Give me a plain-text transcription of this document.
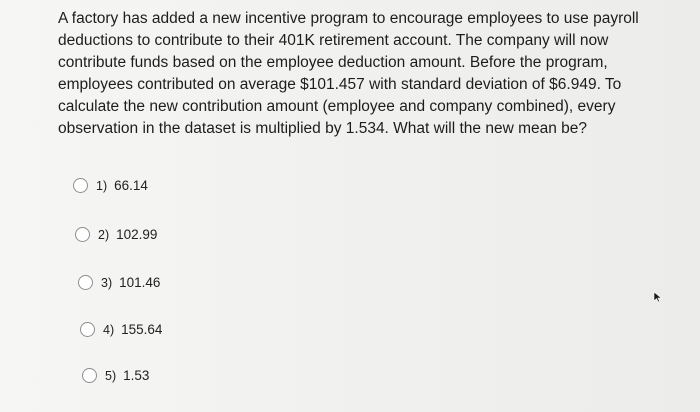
A factory has added a new incentive program to encourage employees to use payroll
deductions to contribute to their 401K retirement account. The company will now
contribute funds based on the employee deduction amount. Before the program,
employees contributed on average $101.457 with standard deviation of $6.949. To
calculate the new contribution amount (employee and company combined), every
observation in the dataset is multiplied by 1.534. What will the new mean be?

1) 66.14
2) 102.99
3) 101.46
4) 155.64
5) 1.53
